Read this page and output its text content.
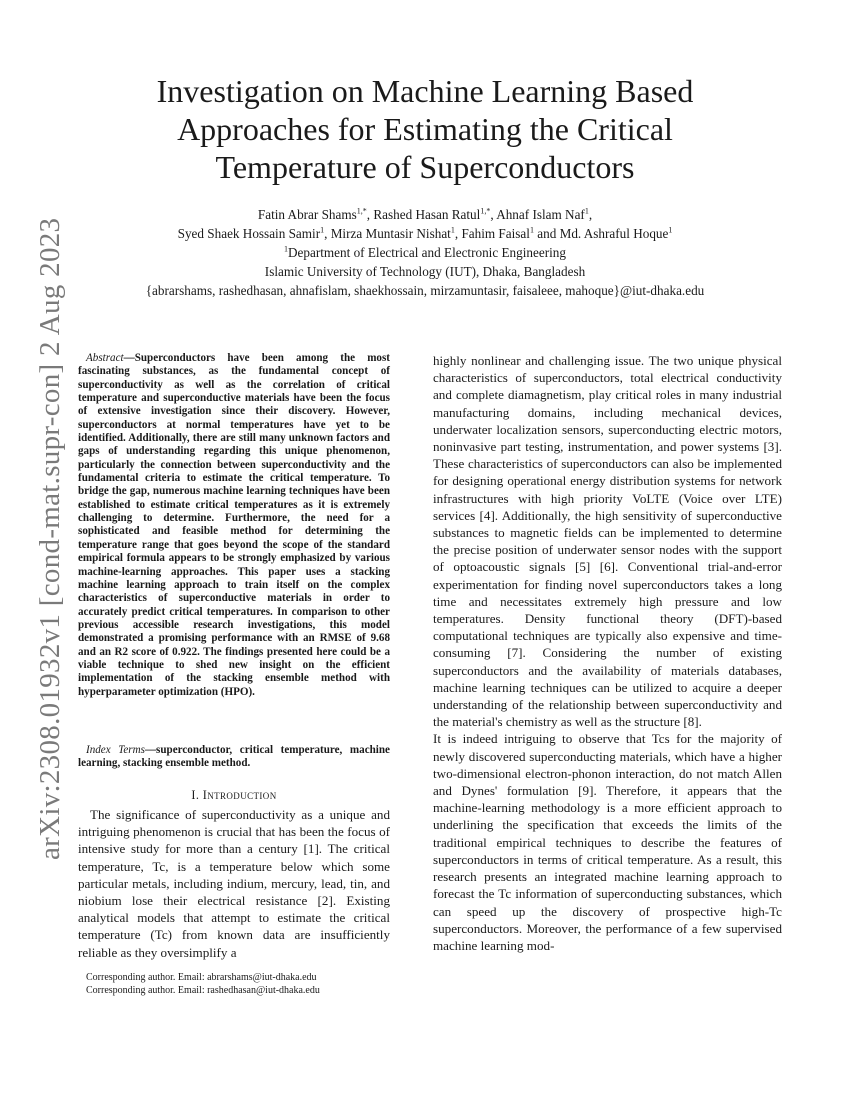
arXiv:2308.01932v1 [cond-mat.supr-con] 2 Aug 2023
Investigation on Machine Learning Based
Approaches for Estimating the Critical
Temperature of Superconductors
Fatin Abrar Shams$^{1,*}$, Rashed Hasan Ratul$^{1,*}$, Ahnaf Islam Naf$^1$,
Syed Shaek Hossain Samir$^1$, Mirza Muntasir Nishat$^1$, Fahim Faisal$^1$ and Md. Ashraful Hoque$^1$
$^1$Department of Electrical and Electronic Engineering
Islamic University of Technology (IUT), Dhaka, Bangladesh
{abrarshams, rashedhasan, ahnafislam, shaekhossain, mirzamuntasir, faisaleee, mahoque}@iut-dhaka.edu

Abstract—Superconductors have been among the most fascinating substances, as the fundamental concept of superconductivity as well as the correlation of critical temperature and superconductive materials have been the focus of extensive investigation since their discovery. However, superconductors at normal temperatures have yet to be identified. Additionally, there are still many unknown factors and gaps of understanding regarding this unique phenomenon, particularly the connection between superconductivity and the fundamental criteria to estimate the critical temperature. To bridge the gap, numerous machine learning techniques have been established to estimate critical temperatures as it is extremely challenging to determine. Furthermore, the need for a sophisticated and feasible method for determining the temperature range that goes beyond the scope of the standard empirical formula appears to be strongly emphasized by various machine-learning approaches. This paper uses a stacking machine learning approach to train itself on the complex characteristics of superconductive materials in order to accurately predict critical temperatures. In comparison to other previous accessible research investigations, this model demonstrated a promising performance with an RMSE of 9.68 and an R2 score of 0.922. The findings presented here could be a viable technique to shed new insight on the efficient implementation of the stacking ensemble method with hyperparameter optimization (HPO).

Index Terms—superconductor, critical temperature, machine learning, stacking ensemble method.

I. Introduction

The significance of superconductivity as a unique and intriguing phenomenon is crucial that has been the focus of intensive study for more than a century [1]. The critical temperature, Tc, is a temperature below which some particular metals, including indium, mercury, lead, tin, and niobium lose their electrical resistance [2]. Existing analytical models that attempt to estimate the critical temperature (Tc) from known data are insufficiently reliable as they oversimplify a

highly nonlinear and challenging issue. The two unique physical characteristics of superconductors, total electrical conductivity and complete diamagnetism, play critical roles in many industrial manufacturing domains, including mechanical devices, underwater localization sensors, superconducting electric motors, noninvasive part testing, instrumentation, and power systems [3]. These characteristics of superconductors can also be implemented for designing operational energy distribution systems for network infrastructures with high priority VoLTE (Voice over LTE) services [4]. Additionally, the high sensitivity of superconductive substances to magnetic fields can be implemented to determine the precise position of underwater sensor nodes with the support of optoacoustic signals [5] [6]. Conventional trial-and-error experimentation for finding novel superconductors takes a long time and necessitates extremely high pressure and low temperatures. Density functional theory (DFT)-based computational techniques are typically also expensive and time-consuming [7]. Considering the number of existing superconductors and the availability of materials databases, machine learning techniques can be utilized to acquire a deeper understanding of the relationship between superconductivity and the material's chemistry as well as the structure [8].

It is indeed intriguing to observe that Tcs for the majority of newly discovered superconducting materials, which have a higher two-dimensional electron-phonon interaction, do not match Allen and Dynes' formulation [9]. Therefore, it appears that the machine-learning methodology is a more efficient approach to underlining the specification that exceeds the limits of the traditional empirical techniques to describe the features of superconductors in terms of critical temperature. As a result, this research presents an integrated machine learning approach to forecast the Tc information of superconducting substances, which can speed up the discovery of prospective high-Tc superconductors. Moreover, the performance of a few supervised machine learning mod-

Corresponding author. Email: abrarshams@iut-dhaka.edu

Corresponding author. Email: rashedhasan@iut-dhaka.edu
